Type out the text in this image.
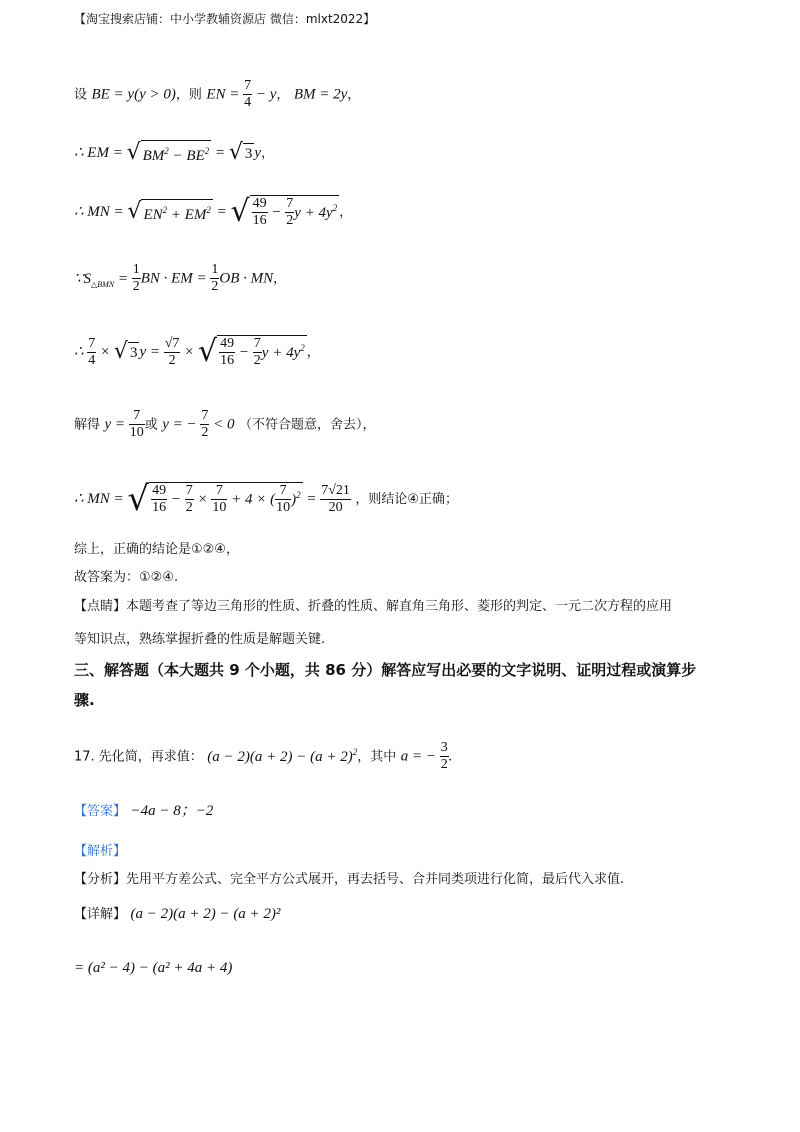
【淘宝搜索店铺：中小学教辅资源店 微信：mlxt2022】
设 BE = y(y > 0)，则 EN = $\frac{7}{4} - y$， BM = 2y，
∴ EM = √ $BM^2 - BE^2$ = √ 3 y，
∴ MN = √ $EN^2 + EM^2$ = √ $\frac{49}{16} - \frac{7}{2}$ $y + 4y^2$ ，
$\because S_{\triangle BMN} = \frac{1}{2}$ BN · EM = $\frac{1}{2}$ OB · MN，
∴ $\frac{7}{4}$ × √ 3 $y = \frac{√7}{2}$ × √ $\frac{49}{16} - \frac{7}{2}$ $y + 4y^2$ ，
解得 $y = \frac{7}{10}$ 或 y = − $\frac{7}{2} < 0$ （不符合题意，舍去），
∴ MN = √ $\frac{49}{16} - \frac{7}{2} \times \frac{7}{10} + 4$ × ( $\frac{7}{10} )^2 = \frac{7√21}{20}$ ，则结论④正确；
综上，正确的结论是①②④，
故答案为：①②④.
【点睛】本题考查了等边三角形的性质、折叠的性质、解直角三角形、菱形的判定、一元二次方程的应用
等知识点，熟练掌握折叠的性质是解题关键.
三、解答题（本大题共 9 个小题，共 86 分）解答应写出必要的文字说明、证明过程或演算步
骤.
17. 先化简，再求值： $(a - 2)(a + 2) - (a + 2)^2$，其中 a = − $\frac{3}{2}$ .
【答案】 −4a − 8；−2
【解析】
【分析】先用平方差公式、完全平方公式展开，再去括号、合并同类项进行化简，最后代入求值.
【详解】 (a − 2)(a + 2) − (a + 2)²
= (a² − 4) − (a² + 4a + 4)
